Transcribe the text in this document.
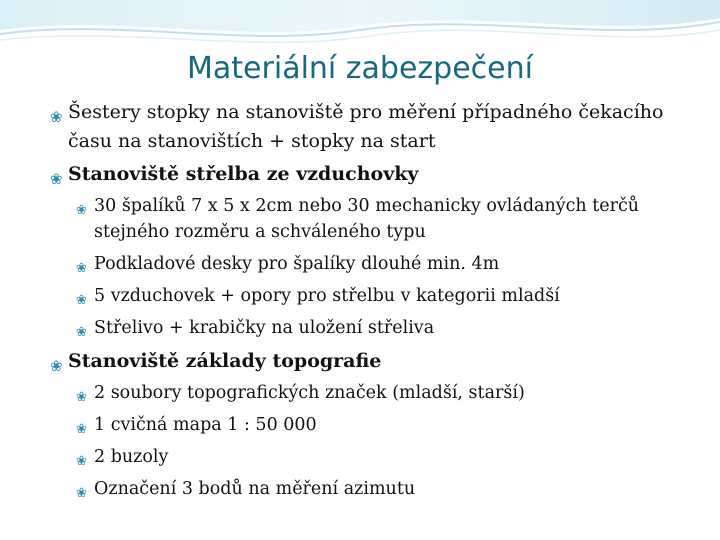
Materiální zabezpečení
❀ Šestery stopky na stanoviště pro měření případného čekacího času na stanovištích + stopky na start
❀ Stanoviště střelba ze vzduchovky
❀ 30 špalíků 7 x 5 x 2cm nebo 30 mechanicky ovládaných terčů stejného rozměru a schváleného typu
❀ Podkladové desky pro špalíky dlouhé min. 4m
❀ 5 vzduchovek + opory pro střelbu v kategorii mladší
❀ Střelivo + krabičky na uložení střeliva
❀ Stanoviště základy topografie
❀ 2 soubory topografických značek (mladší, starší)
❀ 1 cvičná mapa 1 : 50 000
❀ 2 buzoly
❀ Označení 3 bodů na měření azimutu
